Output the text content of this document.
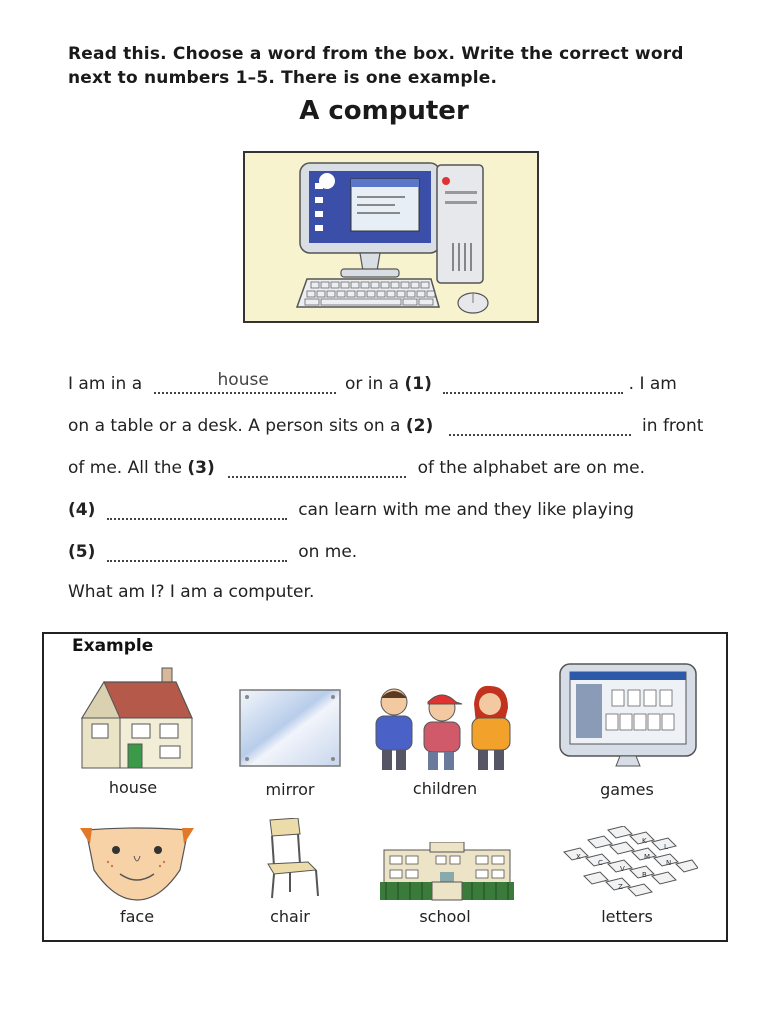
Read this. Choose a word from the box. Write the correct word next to numbers 1–5. There is one example.
A computer
I am in a	house	or in a (1)	. I am
on a table or a desk. A person sits on a (2)	in front
of me. All the (3)	of the alphabet are on me.
(4)	can learn with me and they like playing
(5)	on me.
What am I? I am a computer.
Example
house	mirror	children	games
face	chair	school
K
L
M
N
B
V
C
X
Z
letters
